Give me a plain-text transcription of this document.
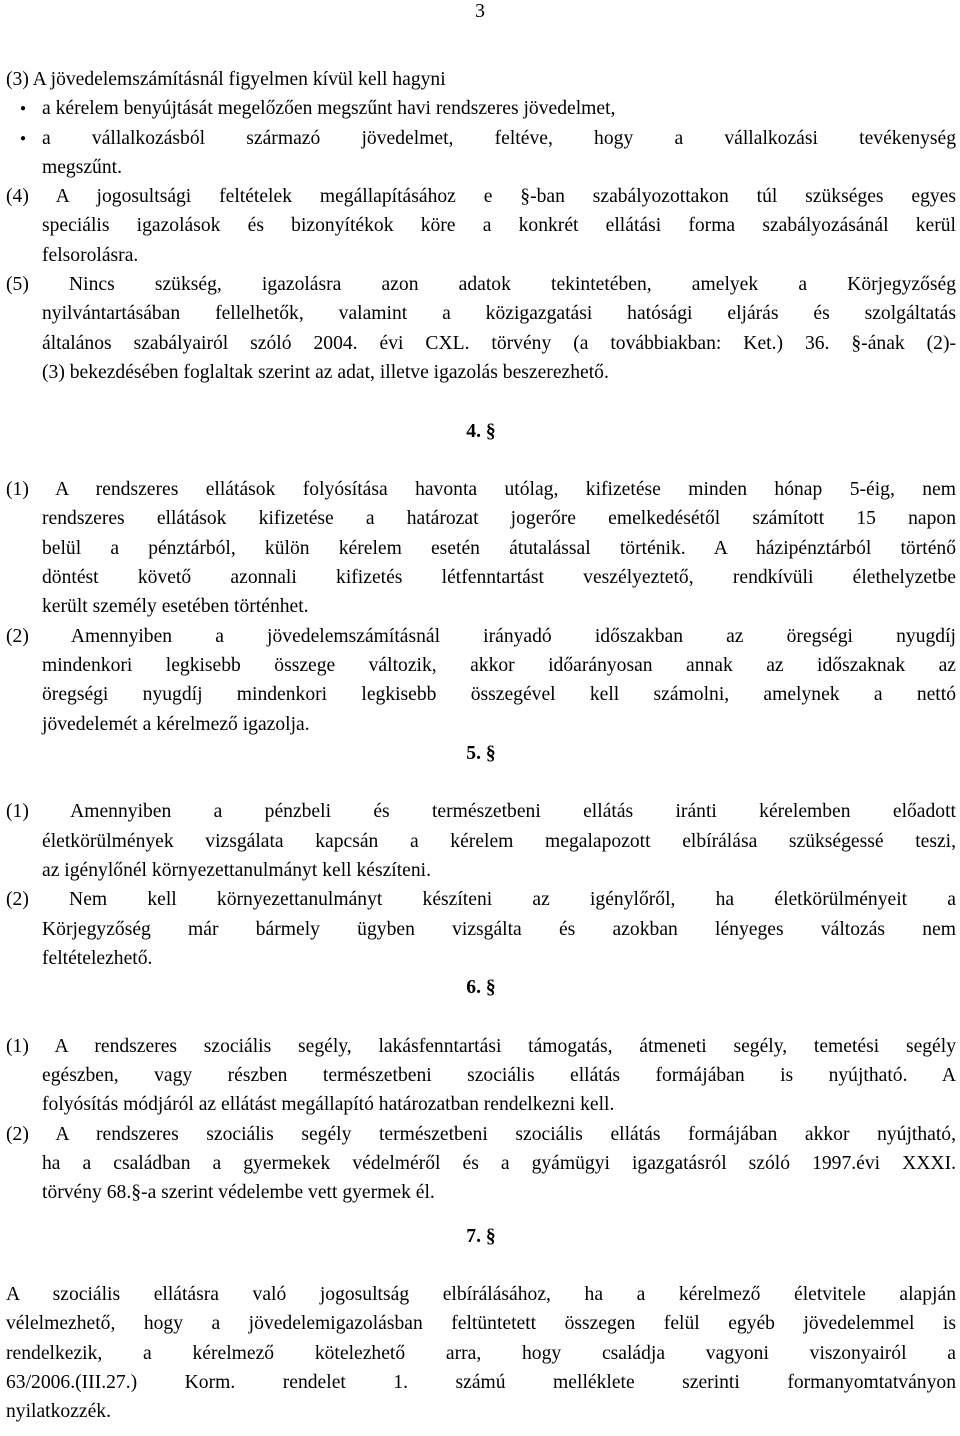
3
(3) A jövedelemszámításnál figyelmen kívül kell hagyni
● a kérelem benyújtását megelőzően megszűnt havi rendszeres jövedelmet,
● a vállalkozásból származó jövedelmet, feltéve, hogy a vállalkozási tevékenység
megszűnt.
(4) A jogosultsági feltételek megállapításához e §-ban szabályozottakon túl szükséges egyes
speciális igazolások és bizonyítékok köre a konkrét ellátási forma szabályozásánál kerül
felsorolásra.
(5) Nincs szükség, igazolásra azon adatok tekintetében, amelyek a Körjegyzőség
nyilvántartásában fellelhetők, valamint a közigazgatási hatósági eljárás és szolgáltatás
általános szabályairól szóló 2004. évi CXL. törvény (a továbbiakban: Ket.) 36. §-ának (2)-
(3) bekezdésében foglaltak szerint az adat, illetve igazolás beszerezhető.
4. §
(1) A rendszeres ellátások folyósítása havonta utólag, kifizetése minden hónap 5-éig, nem
rendszeres ellátások kifizetése a határozat jogerőre emelkedésétől számított 15 napon
belül a pénztárból, külön kérelem esetén átutalással történik. A házipénztárból történő
döntést követő azonnali kifizetés létfenntartást veszélyeztető, rendkívüli élethelyzetbe
került személy esetében történhet.
(2) Amennyiben a jövedelemszámításnál irányadó időszakban az öregségi nyugdíj
mindenkori legkisebb összege változik, akkor időarányosan annak az időszaknak az
öregségi nyugdíj mindenkori legkisebb összegével kell számolni, amelynek a nettó
jövedelemét a kérelmező igazolja.
5. §
(1) Amennyiben a pénzbeli és természetbeni ellátás iránti kérelemben előadott
életkörülmények vizsgálata kapcsán a kérelem megalapozott elbírálása szükségessé teszi,
az igénylőnél környezettanulmányt kell készíteni.
(2) Nem kell környezettanulmányt készíteni az igénylőről, ha életkörülményeit a
Körjegyzőség már bármely ügyben vizsgálta és azokban lényeges változás nem
feltételezhető.
6. §
(1) A rendszeres szociális segély, lakásfenntartási támogatás, átmeneti segély, temetési segély
egészben, vagy részben természetbeni szociális ellátás formájában is nyújtható. A
folyósítás módjáról az ellátást megállapító határozatban rendelkezni kell.
(2) A rendszeres szociális segély természetbeni szociális ellátás formájában akkor nyújtható,
ha a családban a gyermekek védelméről és a gyámügyi igazgatásról szóló 1997.évi XXXI.
törvény 68.§-a szerint védelembe vett gyermek él.
7. §
A szociális ellátásra való jogosultság elbírálásához, ha a kérelmező életvitele alapján
vélelmezhető, hogy a jövedelemigazolásban feltüntetett összegen felül egyéb jövedelemmel is
rendelkezik, a kérelmező kötelezhető arra, hogy családja vagyoni viszonyairól a
63/2006.(III.27.) Korm. rendelet 1. számú melléklete szerinti formanyomtatványon
nyilatkozzék.
